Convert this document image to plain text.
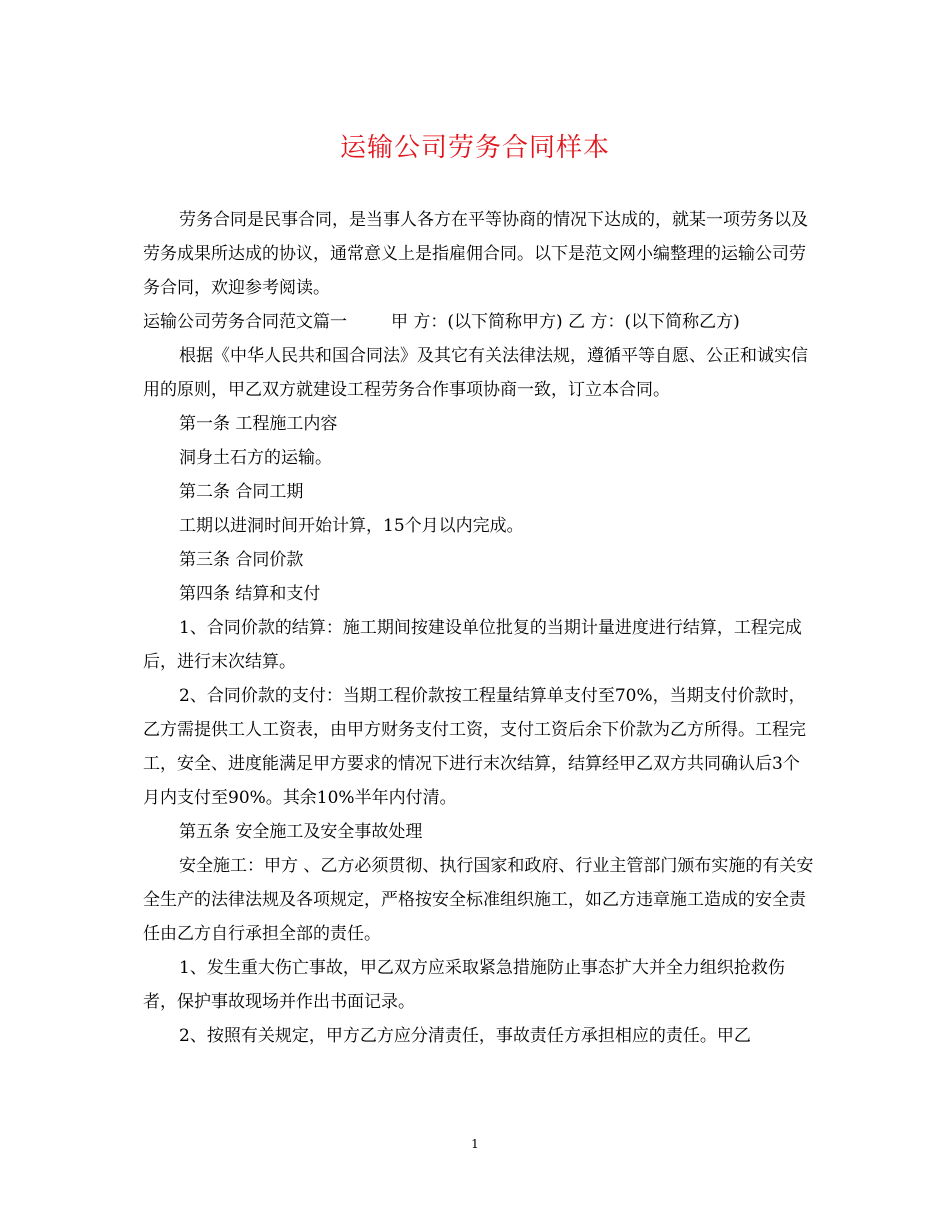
运输公司劳务合同样本

劳务合同是民事合同，是当事人各方在平等协商的情况下达成的，就某一项劳务以及劳务成果所达成的协议，通常意义上是指雇佣合同。以下是范文网小编整理的运输公司劳务合同，欢迎参考阅读。

运输公司劳务合同范文篇一	甲 方：(以下简称甲方) 乙 方：(以下简称乙方)

根据《中华人民共和国合同法》及其它有关法律法规，遵循平等自愿、公正和诚实信用的原则，甲乙双方就建设工程劳务合作事项协商一致，订立本合同。

第一条 工程施工内容

洞身土石方的运输。

第二条 合同工期

工期以进洞时间开始计算，15个月以内完成。

第三条 合同价款

第四条 结算和支付

1、合同价款的结算：施工期间按建设单位批复的当期计量进度进行结算，工程完成后，进行末次结算。

2、合同价款的支付：当期工程价款按工程量结算单支付至70%，当期支付价款时，乙方需提供工人工资表，由甲方财务支付工资，支付工资后余下价款为乙方所得。工程完工，安全、进度能满足甲方要求的情况下进行末次结算，结算经甲乙双方共同确认后3个月内支付至90%。其余10%半年内付清。

第五条 安全施工及安全事故处理

安全施工：甲方 、乙方必须贯彻、执行国家和政府、行业主管部门颁布实施的有关安全生产的法律法规及各项规定，严格按安全标准组织施工，如乙方违章施工造成的安全责任由乙方自行承担全部的责任。

1、发生重大伤亡事故，甲乙双方应采取紧急措施防止事态扩大并全力组织抢救伤者，保护事故现场并作出书面记录。

2、按照有关规定，甲方乙方应分清责任，事故责任方承担相应的责任。甲乙

1
